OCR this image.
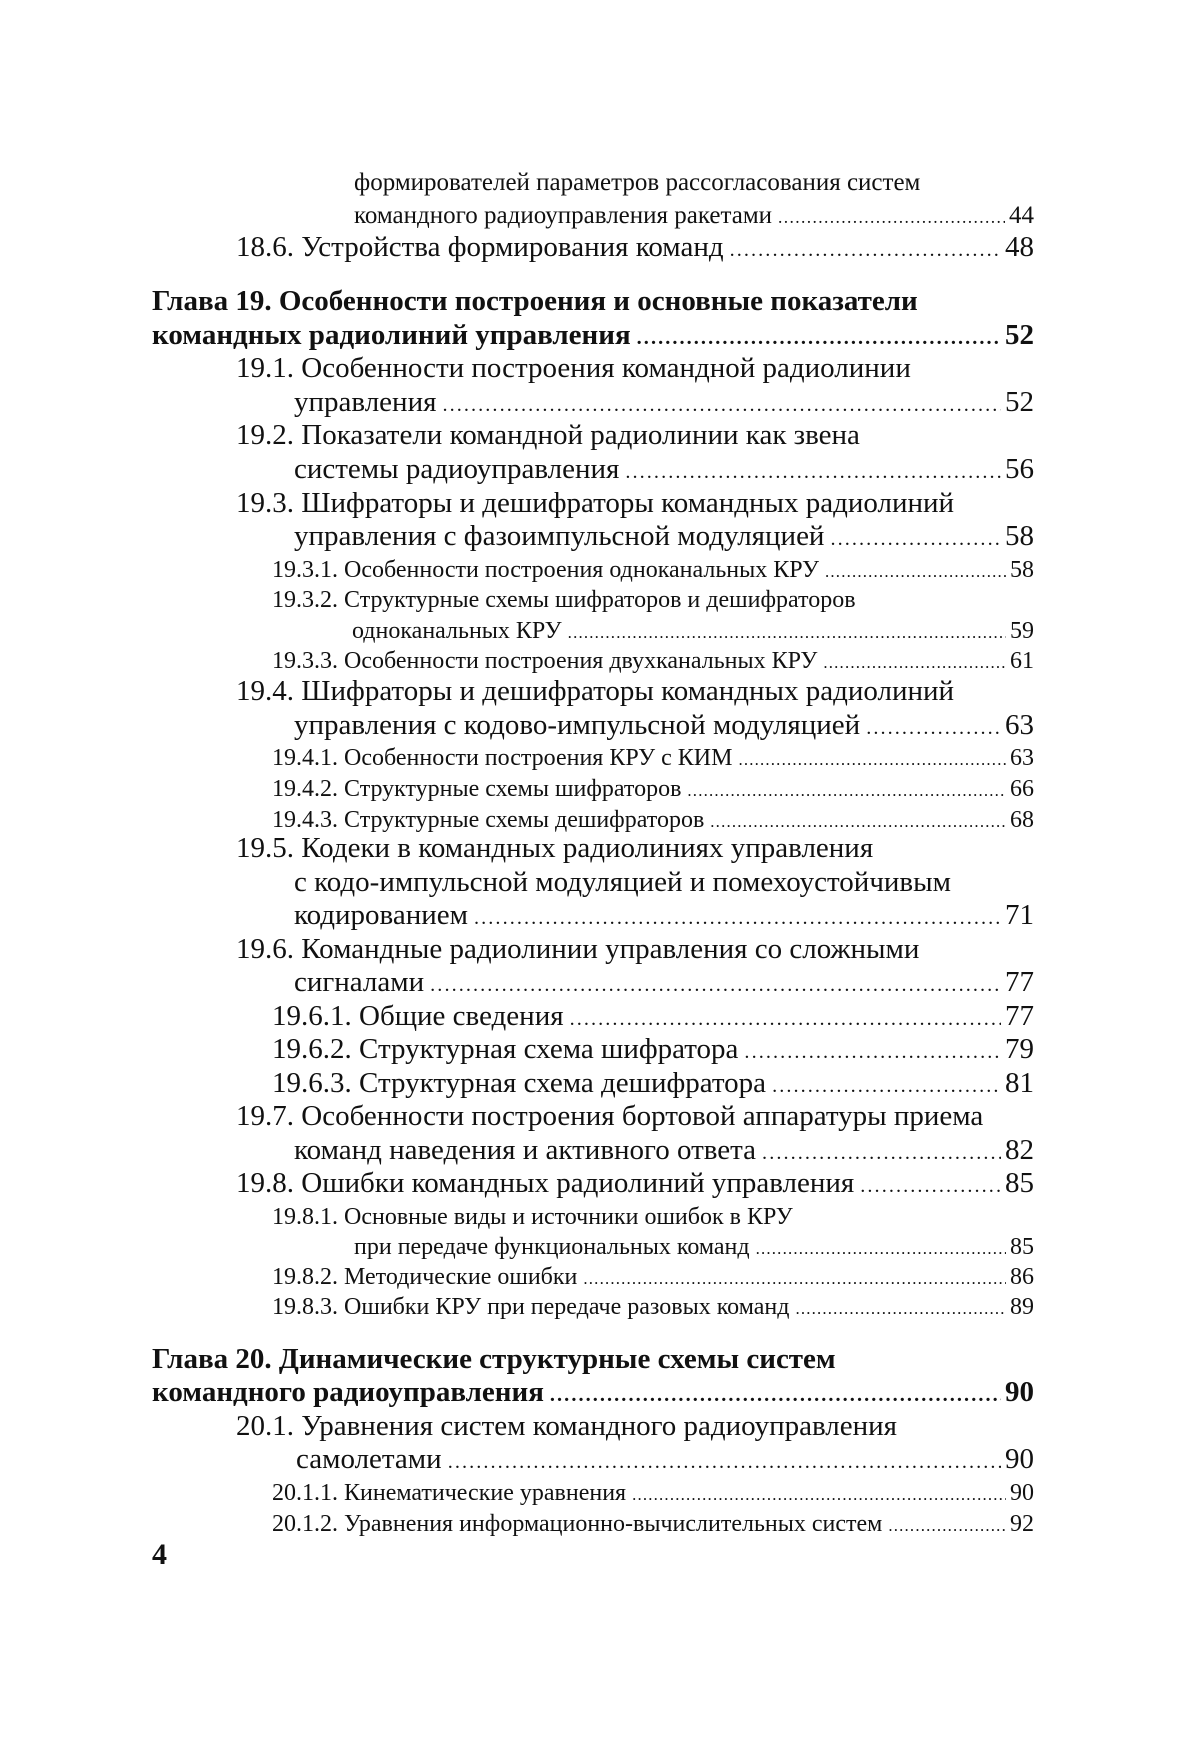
формирователей параметров рассогласования систем
командного радиоуправления ракетами . . .	44
18.6. Устройства формирования команд . . .	48
Глава 19. Особенности построения и основные показатели
командных радиолиний управления . . .	52
19.1. Особенности построения командной радиолинии
управления . . .	52
19.2. Показатели командной радиолинии как звена
системы радиоуправления . . .	56
19.3. Шифраторы и дешифраторы командных радиолиний
управления с фазоимпульсной модуляцией . . .	58
19.3.1. Особенности построения одноканальных КРУ . . .	58
19.3.2. Структурные схемы шифраторов и дешифраторов
одноканальных КРУ . . .	59
19.3.3. Особенности построения двухканальных КРУ . . .	61
19.4. Шифраторы и дешифраторы командных радиолиний
управления с кодово-импульсной модуляцией . . .	63
19.4.1. Особенности построения КРУ с КИМ . . .	63
19.4.2. Структурные схемы шифраторов . . .	66
19.4.3. Структурные схемы дешифраторов . . .	68
19.5. Кодеки в командных радиолиниях управления
с кодо-импульсной модуляцией и помехоустойчивым
кодированием . . .	71
19.6. Командные радиолинии управления со сложными
сигналами . . .	77
19.6.1. Общие сведения . . .	77
19.6.2. Структурная схема шифратора . . .	79
19.6.3. Структурная схема дешифратора . . .	81
19.7. Особенности построения бортовой аппаратуры приема
команд наведения и активного ответа . . .	82
19.8. Ошибки командных радиолиний управления . . .	85
19.8.1. Основные виды и источники ошибок в КРУ
при передаче функциональных команд . . .	85
19.8.2. Методические ошибки . . .	86
19.8.3. Ошибки КРУ при передаче разовых команд . . .	89
Глава 20. Динамические структурные схемы систем
командного радиоуправления . . .	90
20.1. Уравнения систем командного радиоуправления
самолетами . . .	90
20.1.1. Кинематические уравнения . . .	90
20.1.2. Уравнения информационно-вычислительных систем . . .	92
4
